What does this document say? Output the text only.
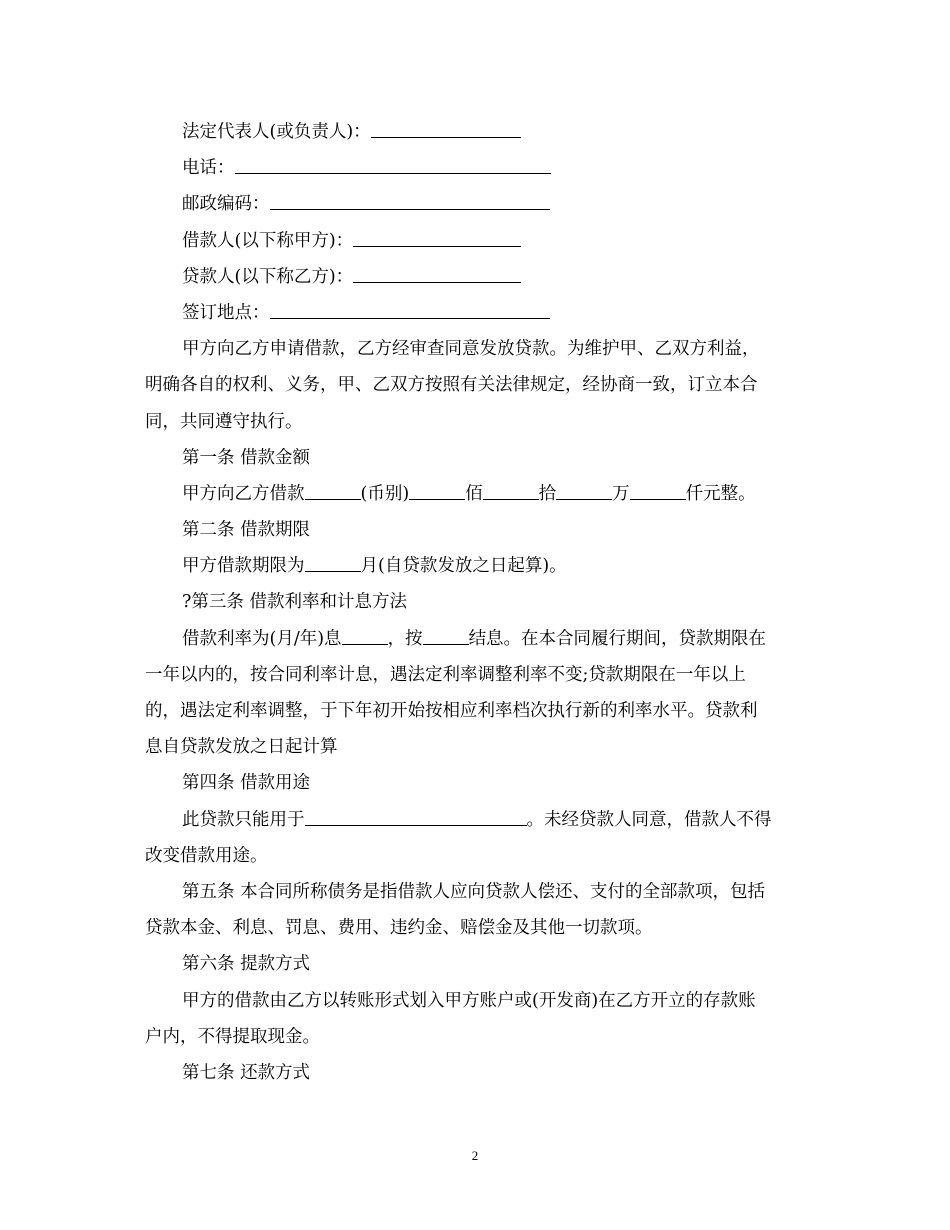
法定代表人(或负责人)：
电话：
邮政编码：
借款人(以下称甲方)：
贷款人(以下称乙方)：
签订地点：
甲方向乙方申请借款，乙方经审查同意发放贷款。为维护甲、乙双方利益，
明确各自的权利、义务，甲、乙双方按照有关法律规定，经协商一致，订立本合
同，共同遵守执行。
第一条 借款金额
甲方向乙方借款	(币别)	佰	拾	万	仟元整。
第二条 借款期限
甲方借款期限为	月(自贷款发放之日起算)。
?第三条 借款利率和计息方法
借款利率为(月/年)息	，按	结息。在本合同履行期间，贷款期限在
一年以内的，按合同利率计息，遇法定利率调整利率不变;贷款期限在一年以上
的，遇法定利率调整，于下年初开始按相应利率档次执行新的利率水平。贷款利
息自贷款发放之日起计算
第四条 借款用途
此贷款只能用于	。未经贷款人同意，借款人不得
改变借款用途。
第五条 本合同所称债务是指借款人应向贷款人偿还、支付的全部款项，包括
贷款本金、利息、罚息、费用、违约金、赔偿金及其他一切款项。
第六条 提款方式
甲方的借款由乙方以转账形式划入甲方账户或(开发商)在乙方开立的存款账
户内，不得提取现金。
第七条 还款方式
2
